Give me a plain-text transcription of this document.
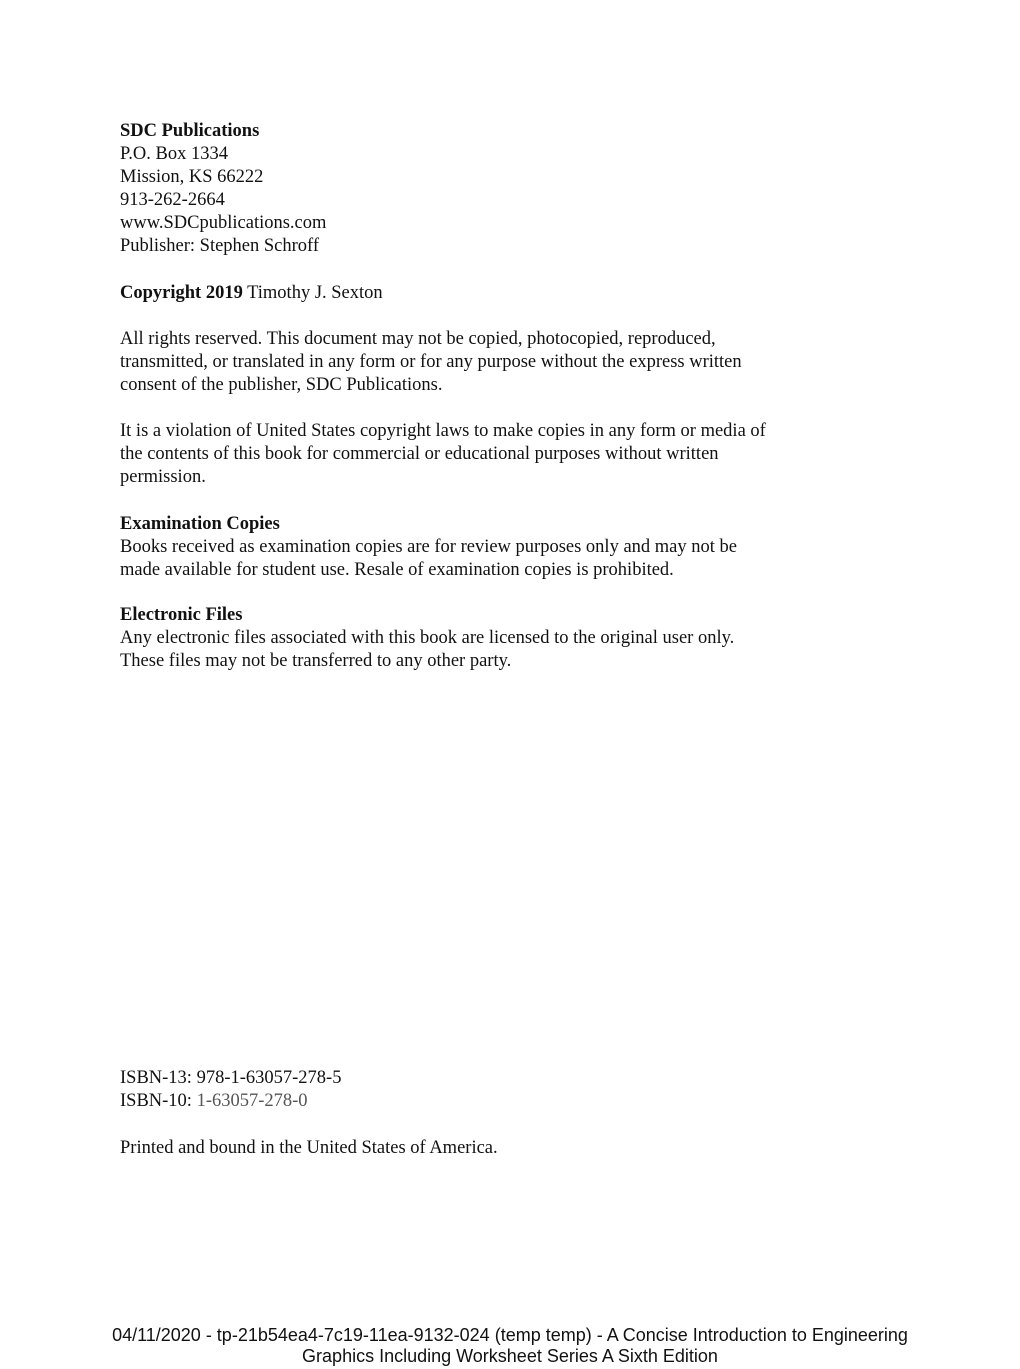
SDC Publications
P.O. Box 1334
Mission, KS 66222
913-262-2664
www.SDCpublications.com
Publisher: Stephen Schroff
Copyright 2019 Timothy J. Sexton
All rights reserved. This document may not be copied, photocopied, reproduced,
transmitted, or translated in any form or for any purpose without the express written
consent of the publisher, SDC Publications.
It is a violation of United States copyright laws to make copies in any form or media of
the contents of this book for commercial or educational purposes without written
permission.
Examination Copies
Books received as examination copies are for review purposes only and may not be
made available for student use. Resale of examination copies is prohibited.
Electronic Files
Any electronic files associated with this book are licensed to the original user only.
These files may not be transferred to any other party.
ISBN-13: 978-1-63057-278-5
ISBN-10: 1-63057-278-0
Printed and bound in the United States of America.
04/11/2020 - tp-21b54ea4-7c19-11ea-9132-024 (temp temp) - A Concise Introduction to Engineering
Graphics Including Worksheet Series A Sixth Edition
